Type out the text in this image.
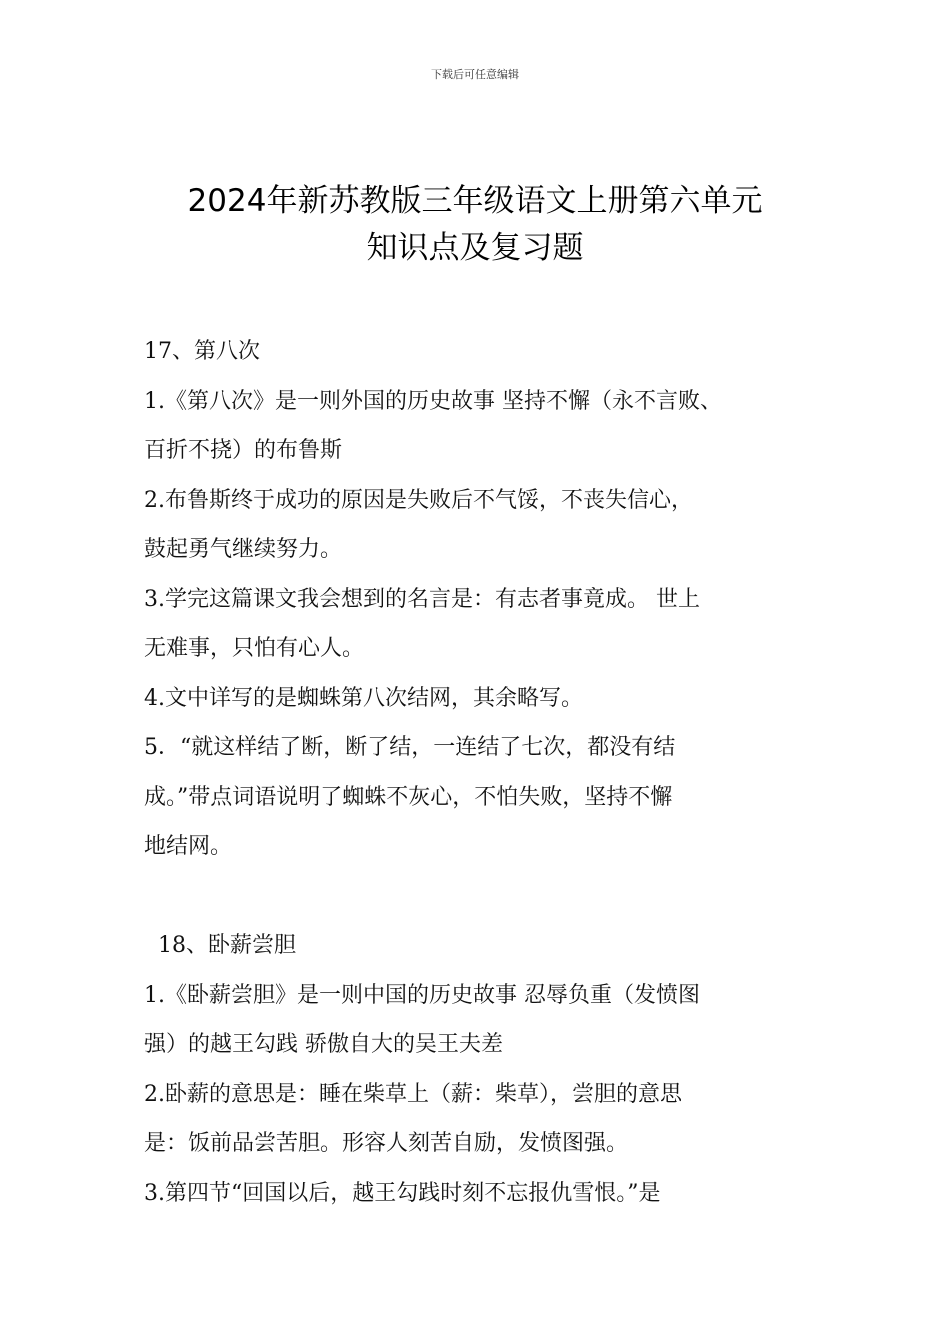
下载后可任意编辑
2024年新苏教版三年级语文上册第六单元
知识点及复习题
17、第八次
1.《第八次》是一则外国的历史故事 坚持不懈（永不言败、
百折不挠）的布鲁斯
2.布鲁斯终于成功的原因是失败后不气馁，不丧失信心，
鼓起勇气继续努力。
3.学完这篇课文我会想到的名言是：有志者事竟成。 世上
无难事，只怕有心人。
4.文中详写的是蜘蛛第八次结网，其余略写。
5．“就这样结了断，断了结，一连结了七次，都没有结
成。”带点词语说明了蜘蛛不灰心，不怕失败，坚持不懈
地结网。
18、卧薪尝胆
1.《卧薪尝胆》是一则中国的历史故事 忍辱负重（发愤图
强）的越王勾践 骄傲自大的吴王夫差
2.卧薪的意思是：睡在柴草上（薪：柴草），尝胆的意思
是：饭前品尝苦胆。形容人刻苦自励，发愤图强。
3.第四节“回国以后，越王勾践时刻不忘报仇雪恨。”是
